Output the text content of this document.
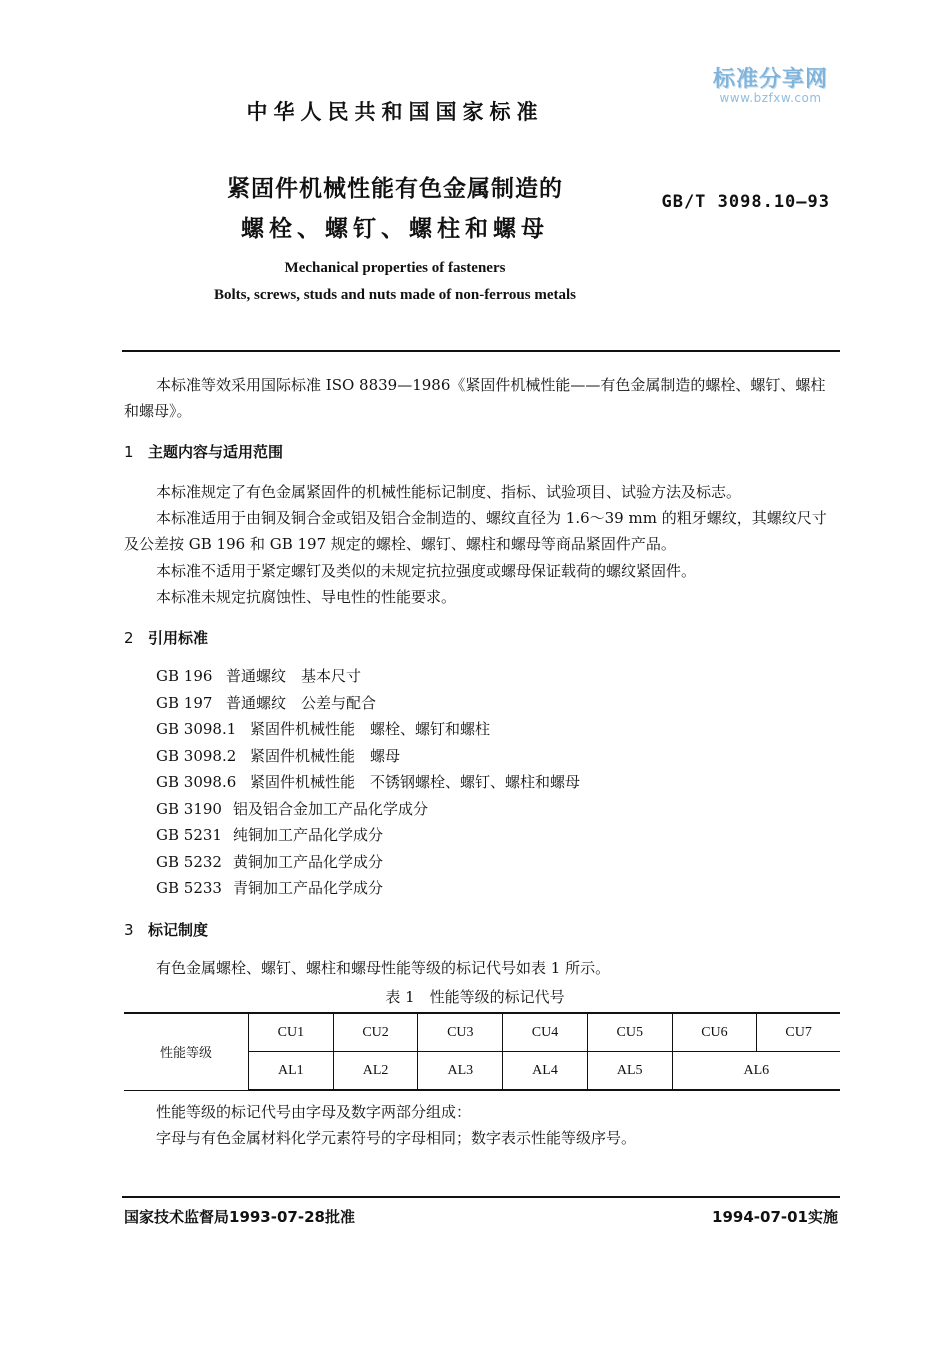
标准分享网
www.bzfxw.com
中华人民共和国国家标准
紧固件机械性能有色金属制造的
螺栓、螺钉、螺柱和螺母
GB/T 3098.10—93
Mechanical properties of fasteners
Bolts, screws, studs and nuts made of non-ferrous metals
本标准等效采用国际标准 ISO 8839—1986《紧固件机械性能——有色金属制造的螺栓、螺钉、螺柱和螺母》。
1 主题内容与适用范围
本标准规定了有色金属紧固件的机械性能标记制度、指标、试验项目、试验方法及标志。
本标准适用于由铜及铜合金或铝及铝合金制造的、螺纹直径为 1.6～39 mm 的粗牙螺纹，其螺纹尺寸及公差按 GB 196 和 GB 197 规定的螺栓、螺钉、螺柱和螺母等商品紧固件产品。
本标准不适用于紧定螺钉及类似的未规定抗拉强度或螺母保证载荷的螺纹紧固件。
本标准未规定抗腐蚀性、导电性的性能要求。
2 引用标准
GB 196 普通螺纹　基本尺寸
GB 197 普通螺纹　公差与配合
GB 3098.1 紧固件机械性能　螺栓、螺钉和螺柱
GB 3098.2 紧固件机械性能　螺母
GB 3098.6 紧固件机械性能　不锈钢螺栓、螺钉、螺柱和螺母
GB 3190 铝及铝合金加工产品化学成分
GB 5231 纯铜加工产品化学成分
GB 5232 黄铜加工产品化学成分
GB 5233 青铜加工产品化学成分
3 标记制度
有色金属螺栓、螺钉、螺柱和螺母性能等级的标记代号如表 1 所示。
表 1　性能等级的标记代号
性能等级	CU1	CU2	CU3	CU4	CU5	CU6	CU7
	AL1	AL2	AL3	AL4	AL5	AL6	
性能等级的标记代号由字母及数字两部分组成：
字母与有色金属材料化学元素符号的字母相同；数字表示性能等级序号。
国家技术监督局1993-07-28批准	1994-07-01实施
